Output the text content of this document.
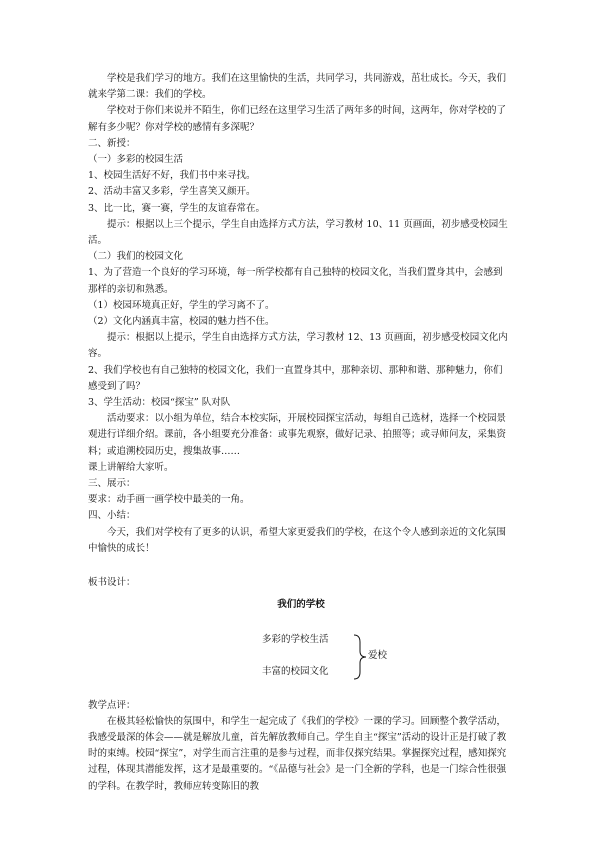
学校是我们学习的地方。我们在这里愉快的生活，共同学习，共同游戏，茁壮成长。今天，我们就来学第二课：我们的学校。

学校对于你们来说并不陌生，你们已经在这里学习生活了两年多的时间，这两年，你对学校的了解有多少呢？你对学校的感情有多深呢？

二、新授：

（一）多彩的校园生活

1、校园生活好不好，我们书中来寻找。

2、活动丰富又多彩，学生喜笑又颜开。

3、比一比，赛一赛，学生的友谊春常在。

提示：根据以上三个提示，学生自由选择方式方法，学习教材 10、11 页画面，初步感受校园生活。

（二）我们的校园文化

1、为了营造一个良好的学习环境，每一所学校都有自己独特的校园文化，当我们置身其中，会感到那样的亲切和熟悉。

（1）校园环境真正好，学生的学习离不了。

（2）文化内涵真丰富，校园的魅力挡不住。

提示：根据以上提示，学生自由选择方式方法，学习教材 12、13 页画面，初步感受校园文化内容。

2、我们学校也有自己独特的校园文化，我们一直置身其中，那种亲切、那种和谐、那种魅力，你们感受到了吗？

3、学生活动：校园“探宝” 队对队

活动要求：以小组为单位，结合本校实际，开展校园探宝活动，每组自己选材，选择一个校园景观进行详细介绍。课前，各小组要充分准备：或事先观察，做好记录、拍照等；或寻师问友，采集资料；或追溯校园历史，搜集故事……

课上讲解给大家听。

三、展示：

要求：动手画一画学校中最美的一角。

四、小结：

今天，我们对学校有了更多的认识，希望大家更爱我们的学校，在这个令人感到亲近的文化氛围中愉快的成长！

板书设计：

我们的学校

多彩的学校生活
丰富的校园文化
爱校

教学点评：

在极其轻松愉快的氛围中，和学生一起完成了《我们的学校》一课的学习。回顾整个教学活动，我感受最深的体会——就是解放儿童，首先解放教师自己。学生自主“探宝”活动的设计正是打破了教时的束缚。校园“探宝”，对学生而言注重的是参与过程，而非仅探究结果。掌握探究过程，感知探究过程，体现其潜能发挥，这才是最重要的。“《品德与社会》是一门全新的学科，也是一门综合性很强的学科。在教学时，教师应转变陈旧的教
